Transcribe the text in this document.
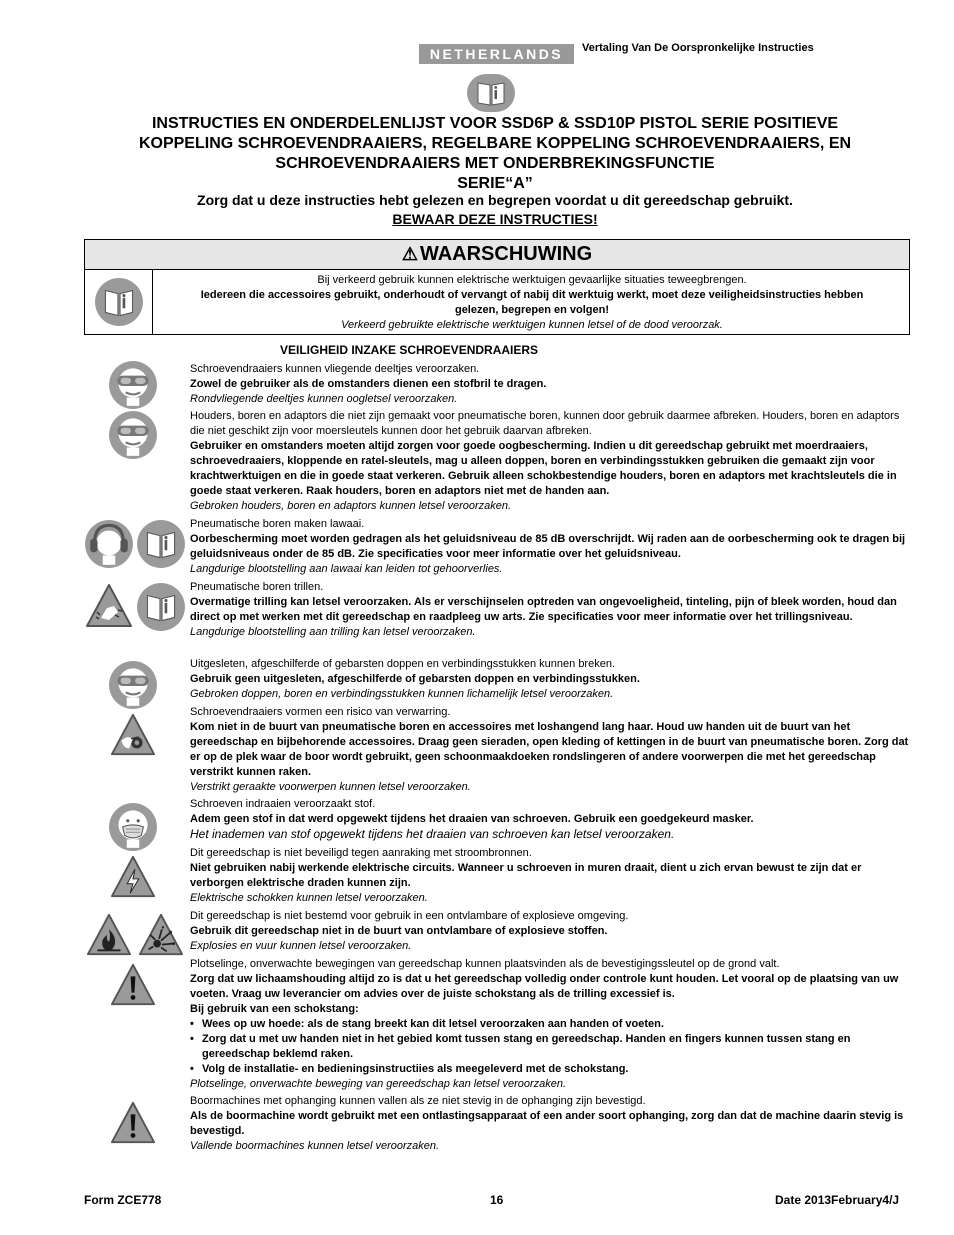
NETHERLANDS	Vertaling Van De Oorspronkelijke Instructies
INSTRUCTIES EN ONDERDELENLIJST VOOR SSD6P & SSD10P PISTOL SERIE POSITIEVE
KOPPELING SCHROEVENDRAAIERS, REGELBARE KOPPELING SCHROEVENDRAAIERS, EN
SCHROEVENDRAAIERS MET ONDERBREKINGSFUNCTIE
SERIE“A”
Zorg dat u deze instructies hebt gelezen en begrepen voordat u dit gereedschap gebruikt.
BEWAAR DEZE INSTRUCTIES!
⚠ WAARSCHUWING
Bij verkeerd gebruik kunnen elektrische werktuigen gevaarlijke situaties teweegbrengen.
Iedereen die accessoires gebruikt, onderhoudt of vervangt of nabij dit werktuig werkt, moet deze veiligheidsinstructies hebben
gelezen, begrepen en volgen!
Verkeerd gebruikte elektrische werktuigen kunnen letsel of de dood veroorzak.
VEILIGHEID INZAKE SCHROEVENDRAAIERS
Schroevendraaiers kunnen vliegende deeltjes veroorzaken.
Zowel de gebruiker als de omstanders dienen een stofbril te dragen.
Rondvliegende deeltjes kunnen oogletsel veroorzaken.
Houders, boren en adaptors die niet zijn gemaakt voor pneumatische boren, kunnen door gebruik daarmee afbreken. Houders, boren en adaptors die niet geschikt zijn voor moersleutels kunnen door het gebruik daarvan afbreken.
Gebruiker en omstanders moeten altijd zorgen voor goede oogbescherming. Indien u dit gereedschap gebruikt met moerdraaiers, schroevedraaiers, kloppende en ratel-sleutels, mag u alleen doppen, boren en verbindingsstukken gebruiken die gemaakt zijn voor krachtwerktuigen en die in goede staat verkeren. Gebruik alleen schokbestendige houders, boren en adaptors met krachtsleutels die in goede staat verkeren. Raak houders, boren en adaptors niet met de handen aan.
Gebroken houders, boren en adaptors kunnen letsel veroorzaken.
Pneumatische boren maken lawaai.
Oorbescherming moet worden gedragen als het geluidsniveau de 85 dB overschrijdt. Wij raden aan de oorbescherming ook te dragen bij geluidsniveaus onder de 85 dB. Zie specificaties voor meer informatie over het geluidsniveau.
Langdurige blootstelling aan lawaai kan leiden tot gehoorverlies.
Pneumatische boren trillen.
Overmatige trilling kan letsel veroorzaken. Als er verschijnselen optreden van ongevoeligheid, tinteling, pijn of bleek worden, houd dan direct op met werken met dit gereedschap en raadpleeg uw arts. Zie specificaties voor meer informatie over het trillingsniveau.
Langdurige blootstelling aan trilling kan letsel veroorzaken.
Uitgesleten, afgeschilferde of gebarsten doppen en verbindingsstukken kunnen breken.
Gebruik geen uitgesleten, afgeschilferde of gebarsten doppen en verbindingsstukken.
Gebroken doppen, boren en verbindingsstukken kunnen lichamelijk letsel veroorzaken.
Schroevendraaiers vormen een risico van verwarring.
Kom niet in de buurt van pneumatische boren en accessoires met loshangend lang haar. Houd uw handen uit de buurt van het gereedschap en bijbehorende accessoires. Draag geen sieraden, open kleding of kettingen in de buurt van pneumatische boren. Zorg dat er op de plek waar de boor wordt gebruikt, geen schoonmaakdoeken rondslingeren of andere voorwerpen die met het gereedschap verstrikt kunnen raken.
Verstrikt geraakte voorwerpen kunnen letsel veroorzaken.
Schroeven indraaien veroorzaakt stof.
Adem geen stof in dat werd opgewekt tijdens het draaien van schroeven. Gebruik een goedgekeurd masker.
Het inademen van stof opgewekt tijdens het draaien van schroeven kan letsel veroorzaken.
Dit gereedschap is niet beveiligd tegen aanraking met stroombronnen.
Niet gebruiken nabij werkende elektrische circuits. Wanneer u schroeven in muren draait, dient u zich ervan bewust te zijn dat er verborgen elektrische draden kunnen zijn.
Elektrische schokken kunnen letsel veroorzaken.
Dit gereedschap is niet bestemd voor gebruik in een ontvlambare of explosieve omgeving.
Gebruik dit gereedschap niet in de buurt van ontvlambare of explosieve stoffen.
Explosies en vuur kunnen letsel veroorzaken.
Plotselinge, onverwachte bewegingen van gereedschap kunnen plaatsvinden als de bevestigingssleutel op de grond valt.
Zorg dat uw lichaamshouding altijd zo is dat u het gereedschap volledig onder controle kunt houden. Let vooral op de plaatsing van uw voeten. Vraag uw leverancier om advies over de juiste schokstang als de trilling excessief is.
Bij gebruik van een schokstang:
• Wees op uw hoede: als de stang breekt kan dit letsel veroorzaken aan handen of voeten.
• Zorg dat u met uw handen niet in het gebied komt tussen stang en gereedschap. Handen en fingers kunnen tussen stang en gereedschap beklemd raken.
• Volg de installatie- en bedieningsinstructiies als meegeleverd met de schokstang.
Plotselinge, onverwachte beweging van gereedschap kan letsel veroorzaken.
Boormachines met ophanging kunnen vallen als ze niet stevig in de ophanging zijn bevestigd.
Als de boormachine wordt gebruikt met een ontlastingsapparaat of een ander soort ophanging, zorg dan dat de machine daarin stevig is bevestigd.
Vallende boormachines kunnen letsel veroorzaken.
Form ZCE778	16	Date 2013February4/J
